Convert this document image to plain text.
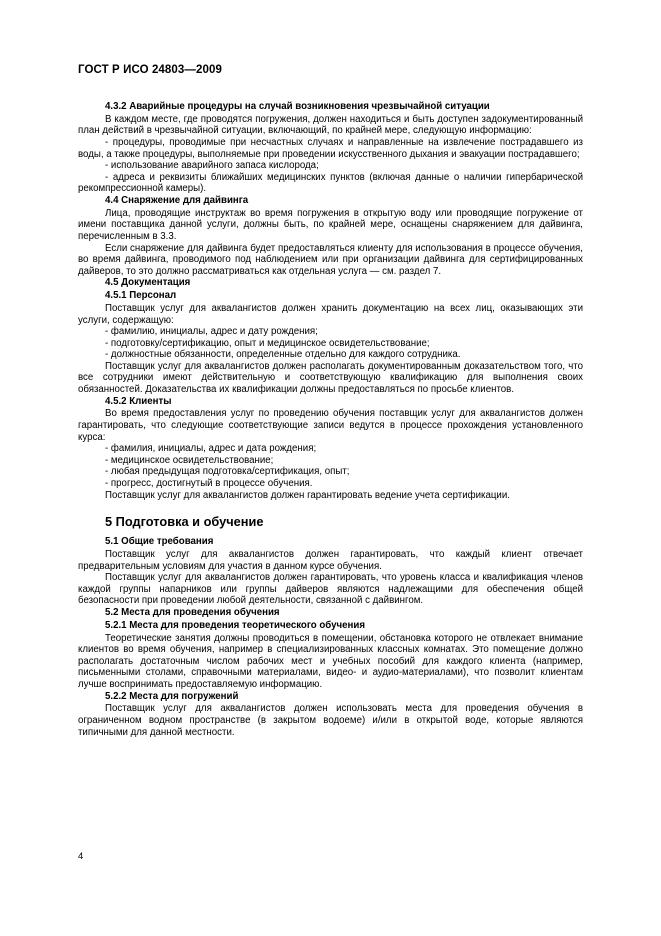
ГОСТ Р ИСО 24803—2009
4.3.2 Аварийные процедуры на случай возникновения чрезвычайной ситуации
В каждом месте, где проводятся погружения, должен находиться и быть доступен задокументированный план действий в чрезвычайной ситуации, включающий, по крайней мере, следующую информацию:
- процедуры, проводимые при несчастных случаях и направленные на извлечение пострадавшего из воды, а также процедуры, выполняемые при проведении искусственного дыхания и эвакуации пострадавшего;
- использование аварийного запаса кислорода;
- адреса и реквизиты ближайших медицинских пунктов (включая данные о наличии гипербарической рекомпрессионной камеры).
4.4 Снаряжение для дайвинга
Лица, проводящие инструктаж во время погружения в открытую воду или проводящие погружение от имени поставщика данной услуги, должны быть, по крайней мере, оснащены снаряжением для дайвинга, перечисленным в 3.3.
Если снаряжение для дайвинга будет предоставляться клиенту для использования в процессе обучения, во время дайвинга, проводимого под наблюдением или при организации дайвинга для сертифицированных дайверов, то это должно рассматриваться как отдельная услуга — см. раздел 7.
4.5 Документация
4.5.1 Персонал
Поставщик услуг для аквалангистов должен хранить документацию на всех лиц, оказывающих эти услуги, содержащую:
- фамилию, инициалы, адрес и дату рождения;
- подготовку/сертификацию, опыт и медицинское освидетельствование;
- должностные обязанности, определенные отдельно для каждого сотрудника.
Поставщик услуг для аквалангистов должен располагать документированным доказательством того, что все сотрудники имеют действительную и соответствующую квалификацию для выполнения своих обязанностей. Доказательства их квалификации должны предоставляться по просьбе клиентов.
4.5.2 Клиенты
Во время предоставления услуг по проведению обучения поставщик услуг для аквалангистов должен гарантировать, что следующие соответствующие записи ведутся в процессе прохождения установленного курса:
- фамилия, инициалы, адрес и дата рождения;
- медицинское освидетельствование;
- любая предыдущая подготовка/сертификация, опыт;
- прогресс, достигнутый в процессе обучения.
Поставщик услуг для аквалангистов должен гарантировать ведение учета сертификации.
5 Подготовка и обучение
5.1 Общие требования
Поставщик услуг для аквалангистов должен гарантировать, что каждый клиент отвечает предварительным условиям для участия в данном курсе обучения.
Поставщик услуг для аквалангистов должен гарантировать, что уровень класса и квалификация членов каждой группы напарников или группы дайверов являются надлежащими для обеспечения общей безопасности при проведении любой деятельности, связанной с дайвингом.
5.2 Места для проведения обучения
5.2.1 Места для проведения теоретического обучения
Теоретические занятия должны проводиться в помещении, обстановка которого не отвлекает внимание клиентов во время обучения, например в специализированных классных комнатах. Это помещение должно располагать достаточным числом рабочих мест и учебных пособий для каждого клиента (например, письменными столами, справочными материалами, видео- и аудио-материалами), что позволит клиентам лучше воспринимать предоставляемую информацию.
5.2.2 Места для погружений
Поставщик услуг для аквалангистов должен использовать места для проведения обучения в ограниченном водном пространстве (в закрытом водоеме) и/или в открытой воде, которые являются типичными для данной местности.
4
